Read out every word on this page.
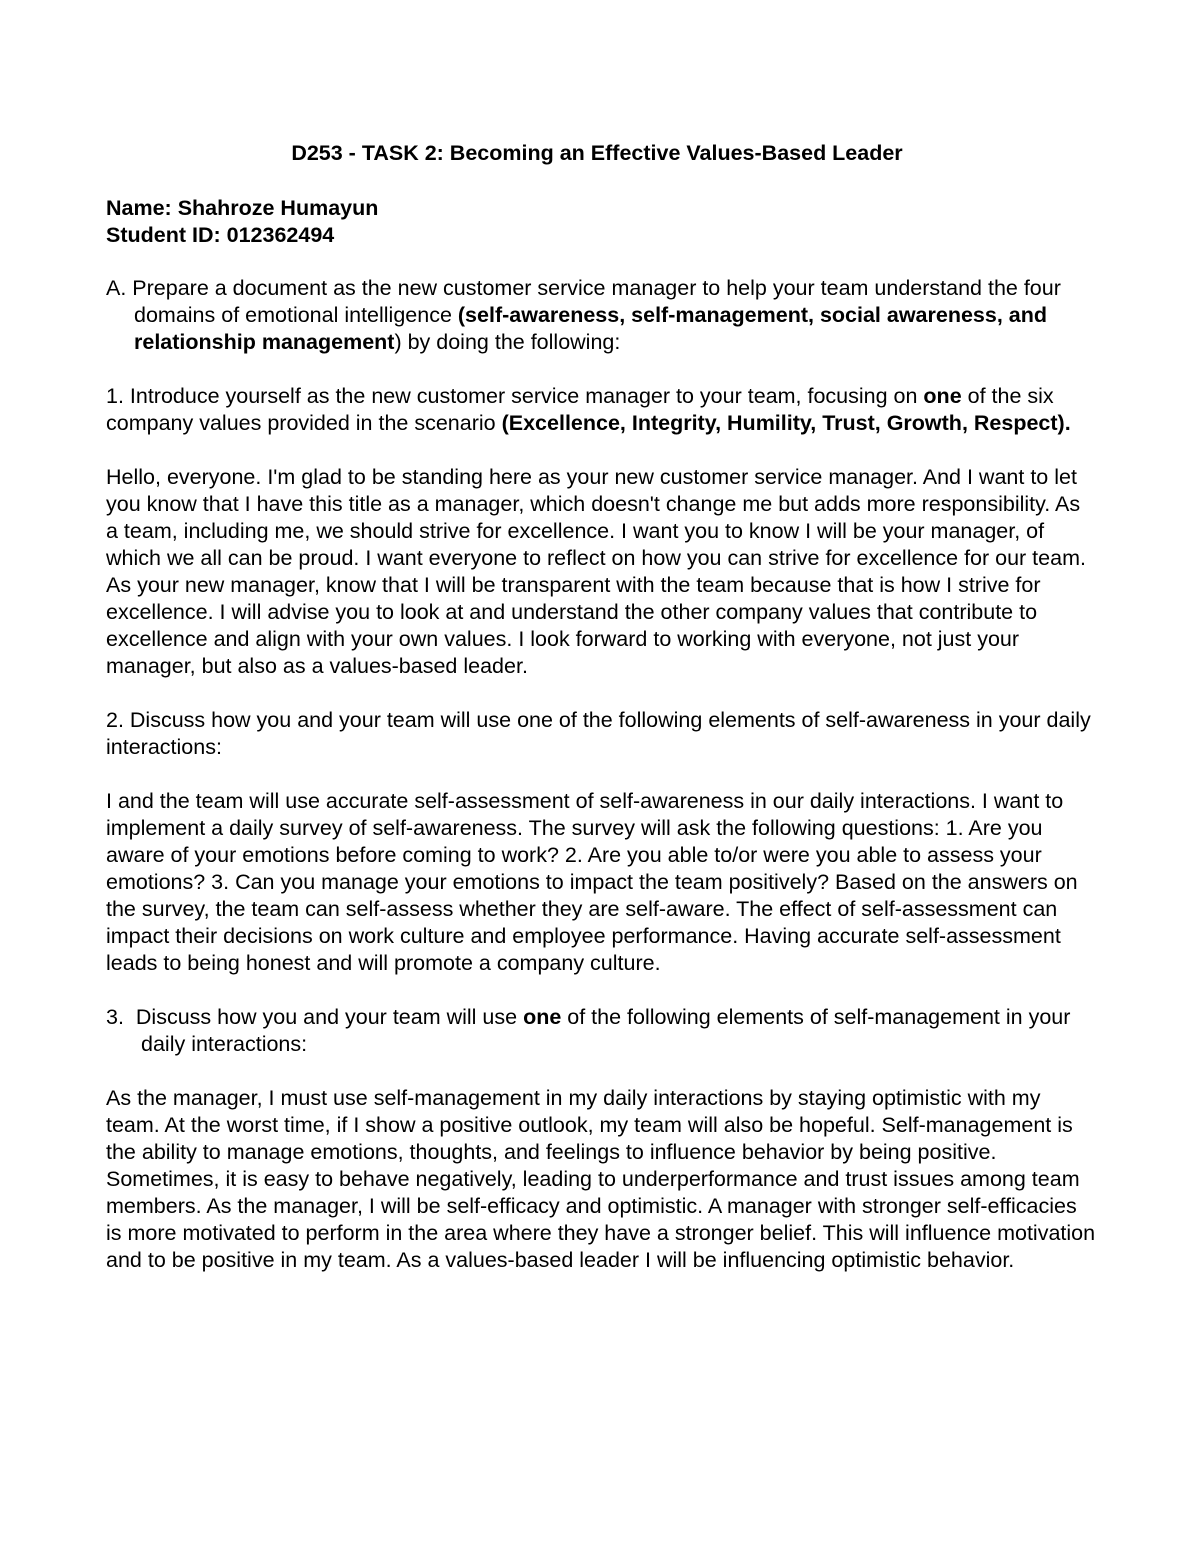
D253 - TASK 2: Becoming an Effective Values-Based Leader

Name: Shahroze Humayun

Student ID: 012362494

A. Prepare a document as the new customer service manager to help your team understand the four domains of emotional intelligence (self-awareness, self-management, social awareness, and relationship management) by doing the following:

1. Introduce yourself as the new customer service manager to your team, focusing on one of the six company values provided in the scenario (Excellence, Integrity, Humility, Trust, Growth, Respect).

Hello, everyone. I'm glad to be standing here as your new customer service manager. And I want to let you know that I have this title as a manager, which doesn't change me but adds more responsibility. As a team, including me, we should strive for excellence. I want you to know I will be your manager, of which we all can be proud. I want everyone to reflect on how you can strive for excellence for our team. As your new manager, know that I will be transparent with the team because that is how I strive for excellence. I will advise you to look at and understand the other company values that contribute to excellence and align with your own values. I look forward to working with everyone, not just your manager, but also as a values-based leader.

2. Discuss how you and your team will use one of the following elements of self-awareness in your daily interactions:

I and the team will use accurate self-assessment of self-awareness in our daily interactions. I want to implement a daily survey of self-awareness. The survey will ask the following questions: 1. Are you aware of your emotions before coming to work? 2. Are you able to/or were you able to assess your emotions? 3. Can you manage your emotions to impact the team positively? Based on the answers on the survey, the team can self-assess whether they are self-aware. The effect of self-assessment can impact their decisions on work culture and employee performance. Having accurate self-assessment leads to being honest and will promote a company culture.

3. Discuss how you and your team will use one of the following elements of self-management in your daily interactions:

As the manager, I must use self-management in my daily interactions by staying optimistic with my team. At the worst time, if I show a positive outlook, my team will also be hopeful. Self-management is the ability to manage emotions, thoughts, and feelings to influence behavior by being positive. Sometimes, it is easy to behave negatively, leading to underperformance and trust issues among team members. As the manager, I will be self-efficacy and optimistic. A manager with stronger self-efficacies is more motivated to perform in the area where they have a stronger belief. This will influence motivation and to be positive in my team. As a values-based leader I will be influencing optimistic behavior.
